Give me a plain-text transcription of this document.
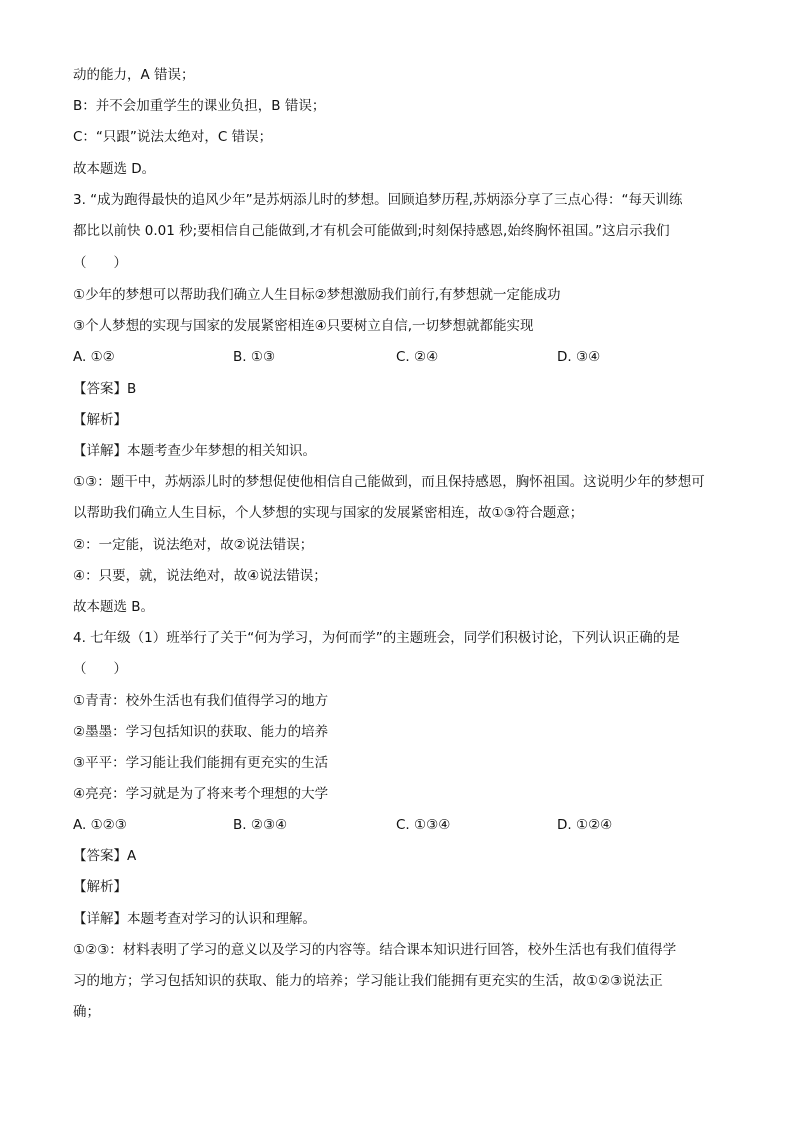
动的能力，A 错误；
B：并不会加重学生的课业负担，B 错误；
C：“只跟”说法太绝对，C 错误；
故本题选 D。
3. “成为跑得最快的追风少年”是苏炳添儿时的梦想。回顾追梦历程,苏炳添分享了三点心得：“每天训练
都比以前快 0.01 秒;要相信自己能做到,才有机会可能做到;时刻保持感恩,始终胸怀祖国。”这启示我们
（　　）
①少年的梦想可以帮助我们确立人生目标②梦想激励我们前行,有梦想就一定能成功
③个人梦想的实现与国家的发展紧密相连④只要树立自信,一切梦想就都能实现
A. ①②	B. ①③	C. ②④	D. ③④
【答案】B
【解析】
【详解】本题考查少年梦想的相关知识。
①③：题干中，苏炳添儿时的梦想促使他相信自己能做到，而且保持感恩，胸怀祖国。这说明少年的梦想可
以帮助我们确立人生目标，个人梦想的实现与国家的发展紧密相连，故①③符合题意；
②：一定能，说法绝对，故②说法错误；
④：只要，就，说法绝对，故④说法错误；
故本题选 B。
4. 七年级（1）班举行了关于“何为学习，为何而学”的主题班会，同学们积极讨论，下列认识正确的是
（　　）
①青青：校外生活也有我们值得学习的地方
②墨墨：学习包括知识的获取、能力的培养
③平平：学习能让我们能拥有更充实的生活
④亮亮：学习就是为了将来考个理想的大学
A. ①②③	B. ②③④	C. ①③④	D. ①②④
【答案】A
【解析】
【详解】本题考查对学习的认识和理解。
①②③：材料表明了学习的意义以及学习的内容等。结合课本知识进行回答，校外生活也有我们值得学
习的地方；学习包括知识的获取、能力的培养；学习能让我们能拥有更充实的生活，故①②③说法正
确；
